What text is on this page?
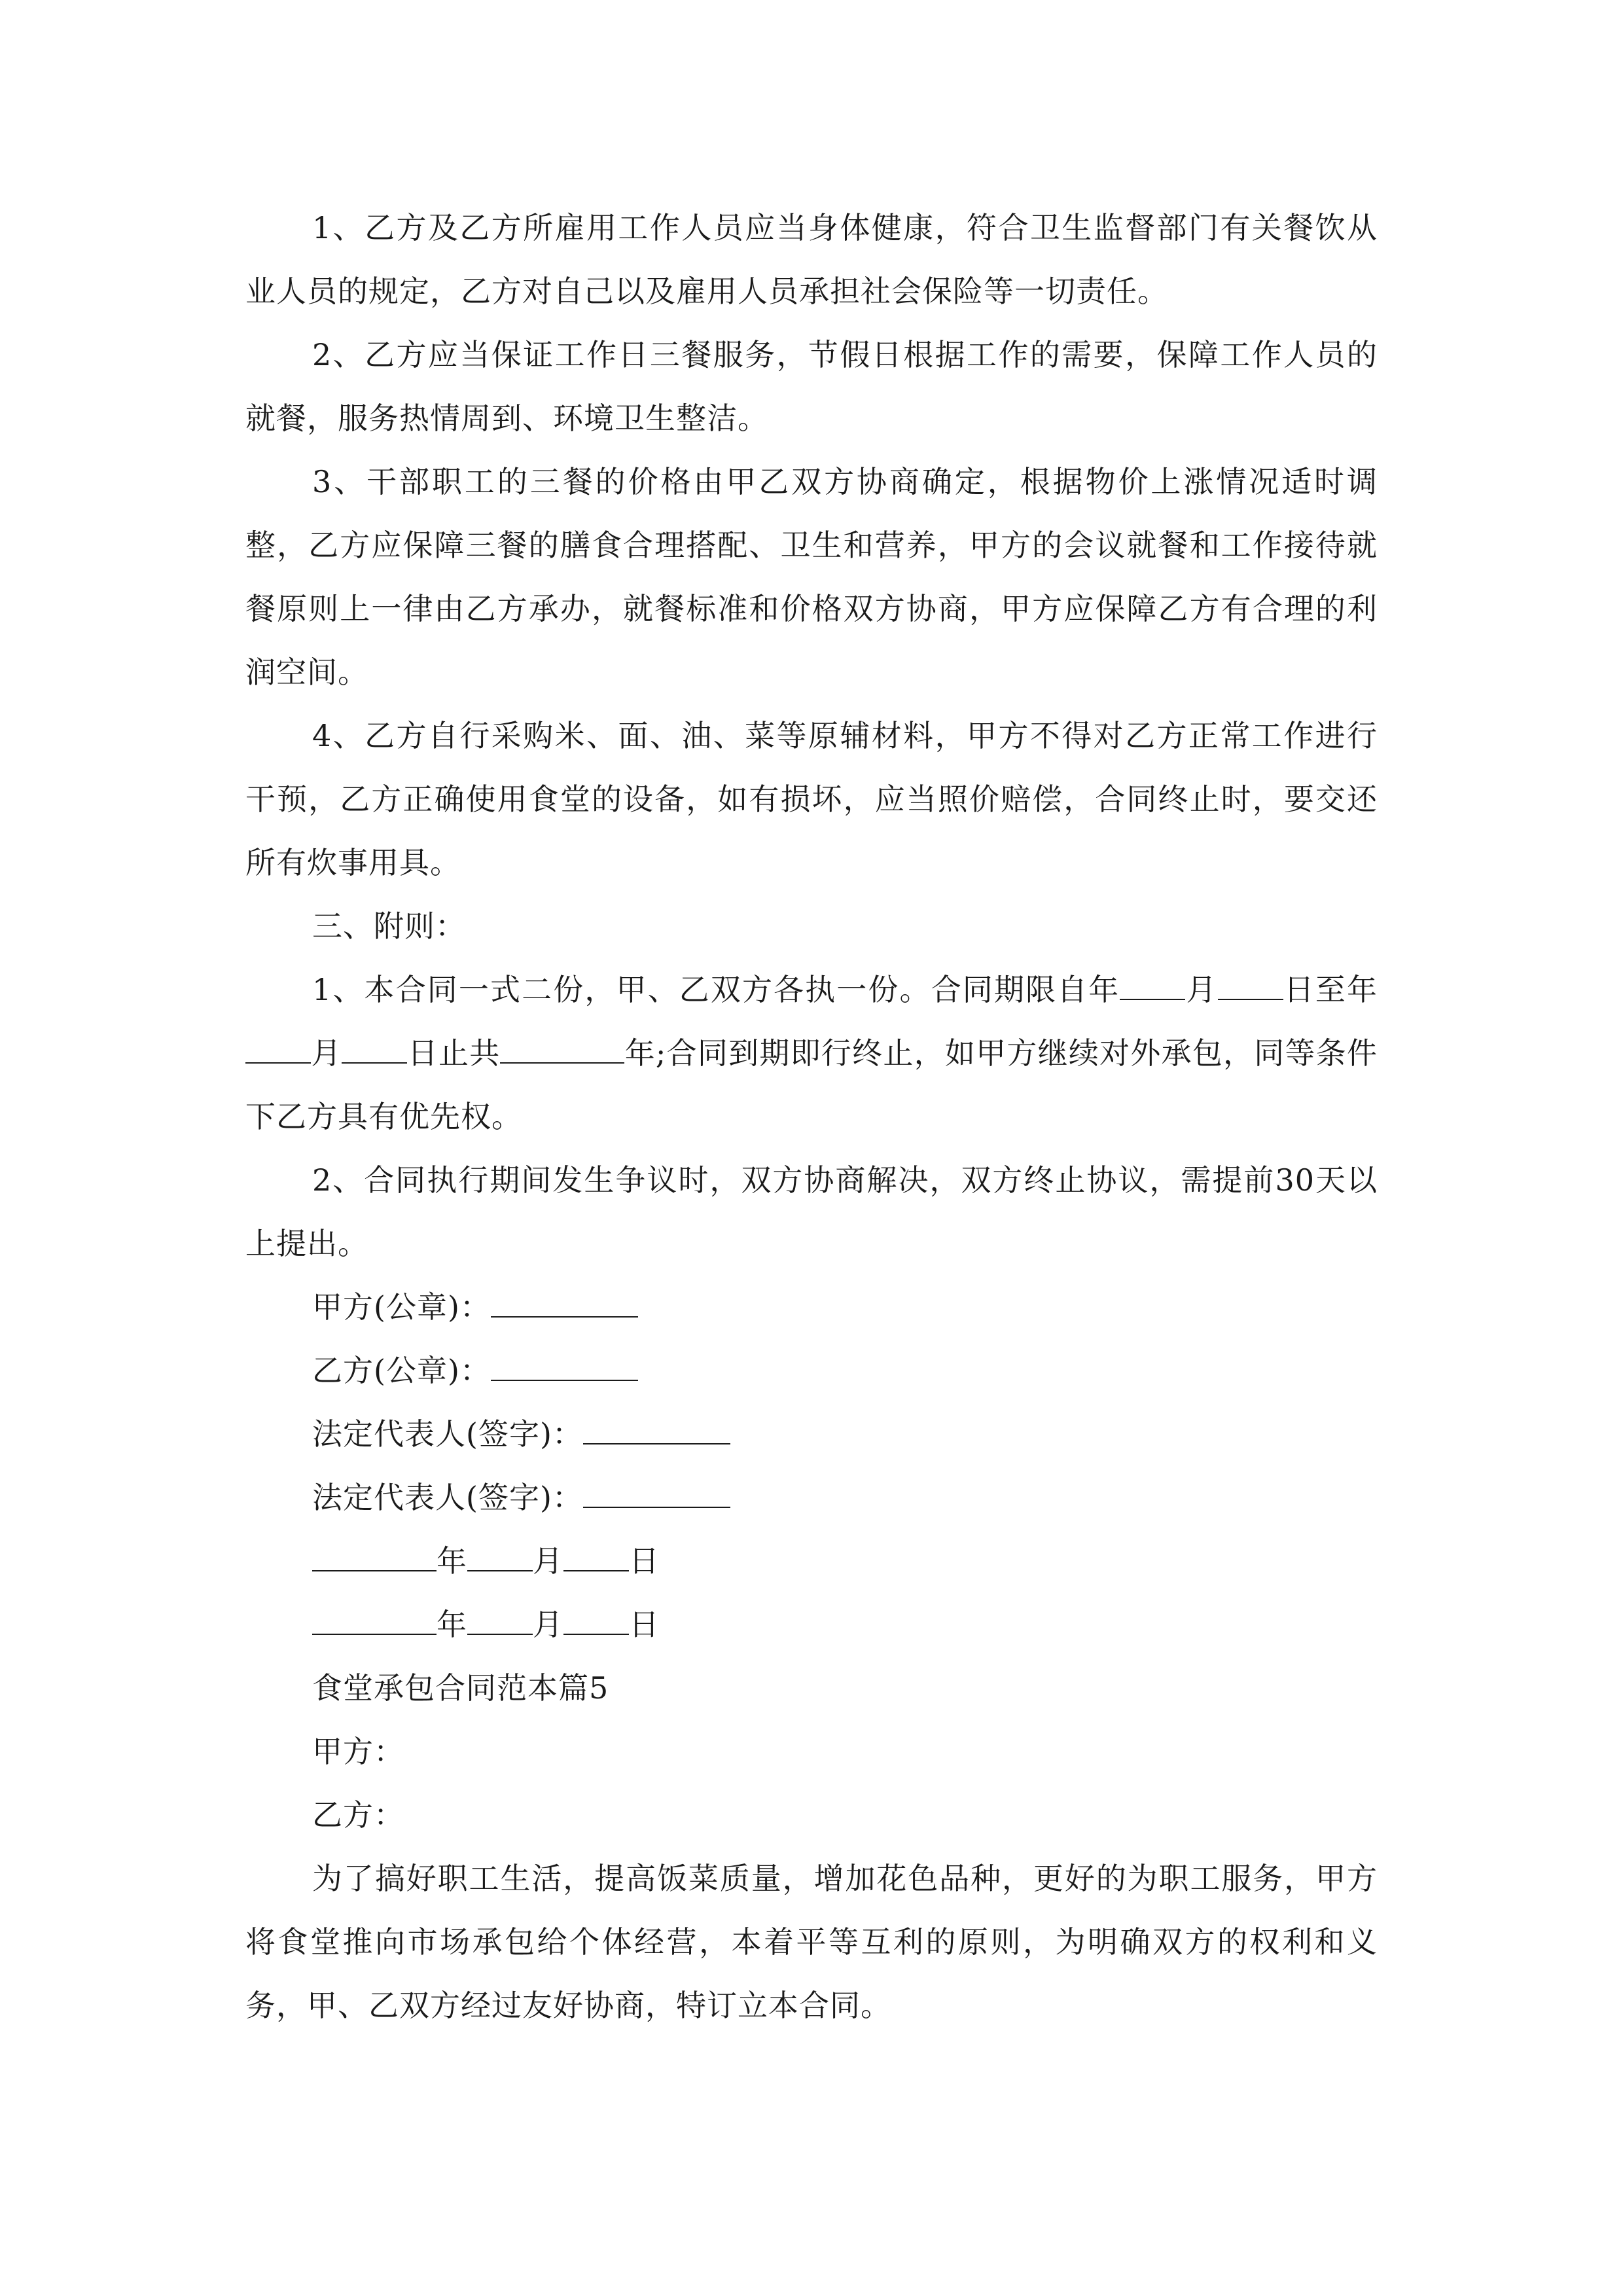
1、乙方及乙方所雇用工作人员应当身体健康，符合卫生监督部门有关餐饮从业人员的规定，乙方对自己以及雇用人员承担社会保险等一切责任。

2、乙方应当保证工作日三餐服务，节假日根据工作的需要，保障工作人员的就餐，服务热情周到、环境卫生整洁。

3、干部职工的三餐的价格由甲乙双方协商确定，根据物价上涨情况适时调整，乙方应保障三餐的膳食合理搭配、卫生和营养，甲方的会议就餐和工作接待就餐原则上一律由乙方承办，就餐标准和价格双方协商，甲方应保障乙方有合理的利润空间。

4、乙方自行采购米、面、油、菜等原辅材料，甲方不得对乙方正常工作进行干预，乙方正确使用食堂的设备，如有损坏，应当照价赔偿，合同终止时，要交还所有炊事用具。

三、附则：

1、本合同一式二份，甲、乙双方各执一份。合同期限自年 月 日至年月 日止共	年;合同到期即行终止，如甲方继续对外承包，同等条件下乙方具有优先权。

2、合同执行期间发生争议时，双方协商解决，双方终止协议，需提前30天以上提出。

甲方(公章)：
乙方(公章)：
法定代表人(签字)：
法定代表人(签字)：
年 月 日
年 月 日
食堂承包合同范本篇5
甲方：
乙方：

为了搞好职工生活，提高饭菜质量，增加花色品种，更好的为职工服务，甲方将食堂推向市场承包给个体经营，本着平等互利的原则，为明确双方的权利和义务，甲、乙双方经过友好协商，特订立本合同。
